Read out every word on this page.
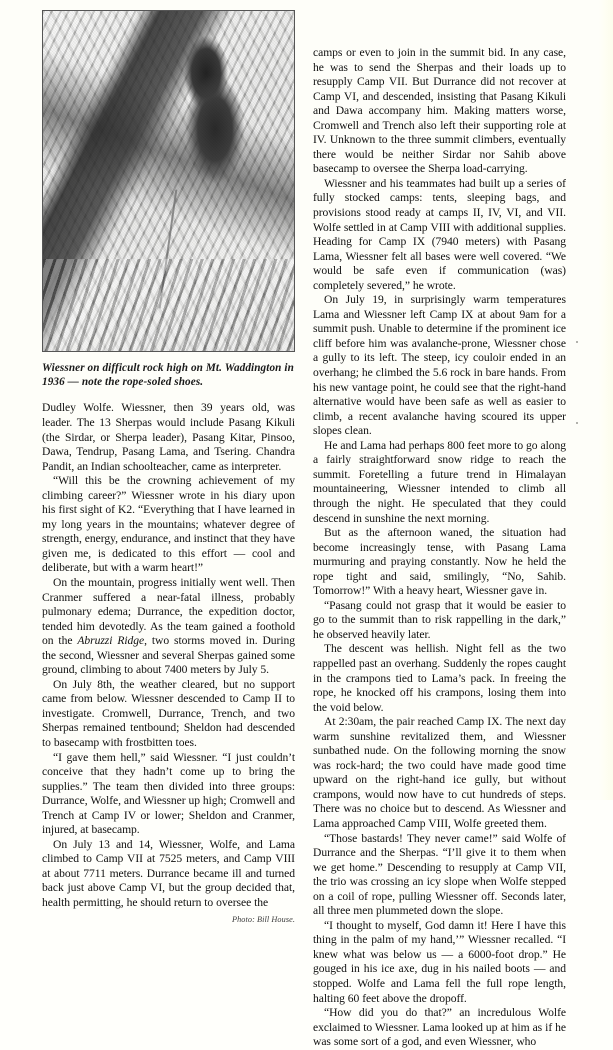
Wiessner on difficult rock high on Mt. Waddington in 1936 — note the rope-soled shoes.

Dudley Wolfe. Wiessner, then 39 years old, was leader. The 13 Sherpas would include Pasang Kikuli (the Sirdar, or Sherpa leader), Pasang Kitar, Pinsoo, Dawa, Tendrup, Pasang Lama, and Tsering. Chandra Pandit, an Indian schoolteacher, came as interpreter.

“Will this be the crowning achievement of my climbing career?” Wiessner wrote in his diary upon his first sight of K2. “Everything that I have learned in my long years in the mountains; whatever degree of strength, energy, endurance, and instinct that they have given me, is dedicated to this effort — cool and deliberate, but with a warm heart!”

On the mountain, progress initially went well. Then Cranmer suffered a near-fatal illness, probably pulmonary edema; Durrance, the expedition doctor, tended him devotedly. As the team gained a foothold on the Abruzzi Ridge, two storms moved in. During the second, Wiessner and several Sherpas gained some ground, climbing to about 7400 meters by July 5.

On July 8th, the weather cleared, but no support came from below. Wiessner descended to Camp II to investigate. Cromwell, Durrance, Trench, and two Sherpas remained tentbound; Sheldon had descended to basecamp with frostbitten toes.

“I gave them hell,” said Wiessner. “I just couldn’t conceive that they hadn’t come up to bring the supplies.” The team then divided into three groups: Durrance, Wolfe, and Wiessner up high; Cromwell and Trench at Camp IV or lower; Sheldon and Cranmer, injured, at basecamp.

On July 13 and 14, Wiessner, Wolfe, and Lama climbed to Camp VII at 7525 meters, and Camp VIII at about 7711 meters. Durrance became ill and turned back just above Camp VI, but the group decided that, health permitting, he should return to oversee the

Photo: Bill House.

camps or even to join in the summit bid. In any case, he was to send the Sherpas and their loads up to resupply Camp VII. But Durrance did not recover at Camp VI, and descended, insisting that Pasang Kikuli and Dawa accompany him. Making matters worse, Cromwell and Trench also left their supporting role at IV. Unknown to the three summit climbers, eventually there would be neither Sirdar nor Sahib above basecamp to oversee the Sherpa load-carrying.

Wiessner and his teammates had built up a series of fully stocked camps: tents, sleeping bags, and provisions stood ready at camps II, IV, VI, and VII. Wolfe settled in at Camp VIII with additional supplies. Heading for Camp IX (7940 meters) with Pasang Lama, Wiessner felt all bases were well covered. “We would be safe even if communication (was) completely severed,” he wrote.

On July 19, in surprisingly warm temperatures Lama and Wiessner left Camp IX at about 9am for a summit push. Unable to determine if the prominent ice cliff before him was avalanche-prone, Wiessner chose a gully to its left. The steep, icy couloir ended in an overhang; he climbed the 5.6 rock in bare hands. From his new vantage point, he could see that the right-hand alternative would have been safe as well as easier to climb, a recent avalanche having scoured its upper slopes clean.

He and Lama had perhaps 800 feet more to go along a fairly straightforward snow ridge to reach the summit. Foretelling a future trend in Himalayan mountaineering, Wiessner intended to climb all through the night. He speculated that they could descend in sunshine the next morning.

But as the afternoon waned, the situation had become increasingly tense, with Pasang Lama murmuring and praying constantly. Now he held the rope tight and said, smilingly, “No, Sahib. Tomorrow!” With a heavy heart, Wiessner gave in.

“Pasang could not grasp that it would be easier to go to the summit than to risk rappelling in the dark,” he observed heavily later.

The descent was hellish. Night fell as the two rappelled past an overhang. Suddenly the ropes caught in the crampons tied to Lama’s pack. In freeing the rope, he knocked off his crampons, losing them into the void below.

At 2:30am, the pair reached Camp IX. The next day warm sunshine revitalized them, and Wiessner sunbathed nude. On the following morning the snow was rock-hard; the two could have made good time upward on the right-hand ice gully, but without crampons, would now have to cut hundreds of steps. There was no choice but to descend. As Wiessner and Lama approached Camp VIII, Wolfe greeted them.

“Those bastards! They never came!” said Wolfe of Durrance and the Sherpas. “I’ll give it to them when we get home.” Descending to resupply at Camp VII, the trio was crossing an icy slope when Wolfe stepped on a coil of rope, pulling Wiessner off. Seconds later, all three men plummeted down the slope.

“I thought to myself, God damn it! Here I have this thing in the palm of my hand,’” Wiessner recalled. “I knew what was below us — a 6000-foot drop.” He gouged in his ice axe, dug in his nailed boots — and stopped. Wolfe and Lama fell the full rope length, halting 60 feet above the dropoff.

“How did you do that?” an incredulous Wolfe exclaimed to Wiessner. Lama looked up at him as if he was some sort of a god, and even Wiessner, who
